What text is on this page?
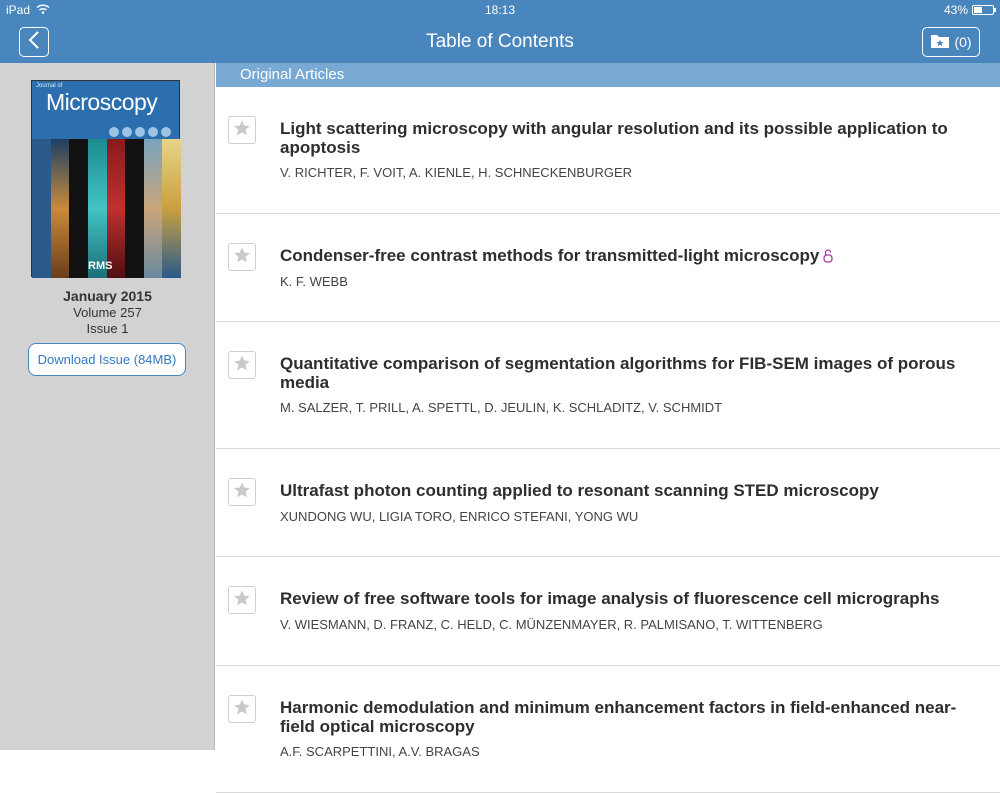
iPad	18:13	43%
Table of Contents	(0)
Journal of
Microscopy
RMS
January 2015
Volume 257
Issue 1
Download Issue (84MB)
Original Articles
Light scattering microscopy with angular resolution and its possible application to apoptosis
V. RICHTER, F. VOIT, A. KIENLE, H. SCHNECKENBURGER
Condenser-free contrast methods for transmitted-light microscopy
K. F. WEBB
Quantitative comparison of segmentation algorithms for FIB-SEM images of porous media
M. SALZER, T. PRILL, A. SPETTL, D. JEULIN, K. SCHLADITZ, V. SCHMIDT
Ultrafast photon counting applied to resonant scanning STED microscopy
XUNDONG WU, LIGIA TORO, ENRICO STEFANI, YONG WU
Review of free software tools for image analysis of fluorescence cell micrographs
V. WIESMANN, D. FRANZ, C. HELD, C. MÜNZENMAYER, R. PALMISANO, T. WITTENBERG
Harmonic demodulation and minimum enhancement factors in field-enhanced near-field optical microscopy
A.F. SCARPETTINI, A.V. BRAGAS
